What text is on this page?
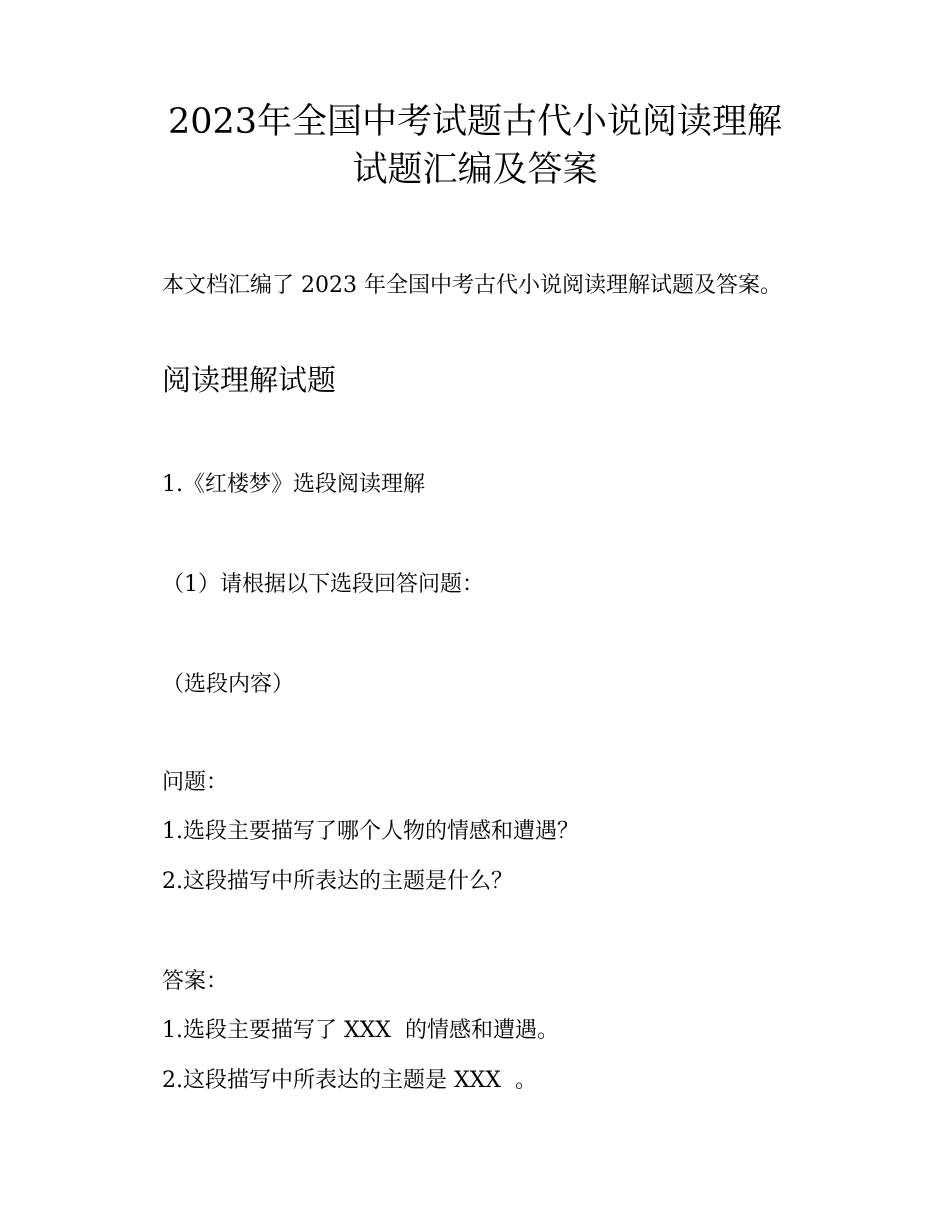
2023年全国中考试题古代小说阅读理解
试题汇编及答案
本文档汇编了 2023 年全国中考古代小说阅读理解试题及答案。
阅读理解试题
1.《红楼梦》选段阅读理解
（1）请根据以下选段回答问题：
（选段内容）
问题：
1.选段主要描写了哪个人物的情感和遭遇？
2.这段描写中所表达的主题是什么？
答案：
1.选段主要描写了 XXX  的情感和遭遇。
2.这段描写中所表达的主题是 XXX  。
